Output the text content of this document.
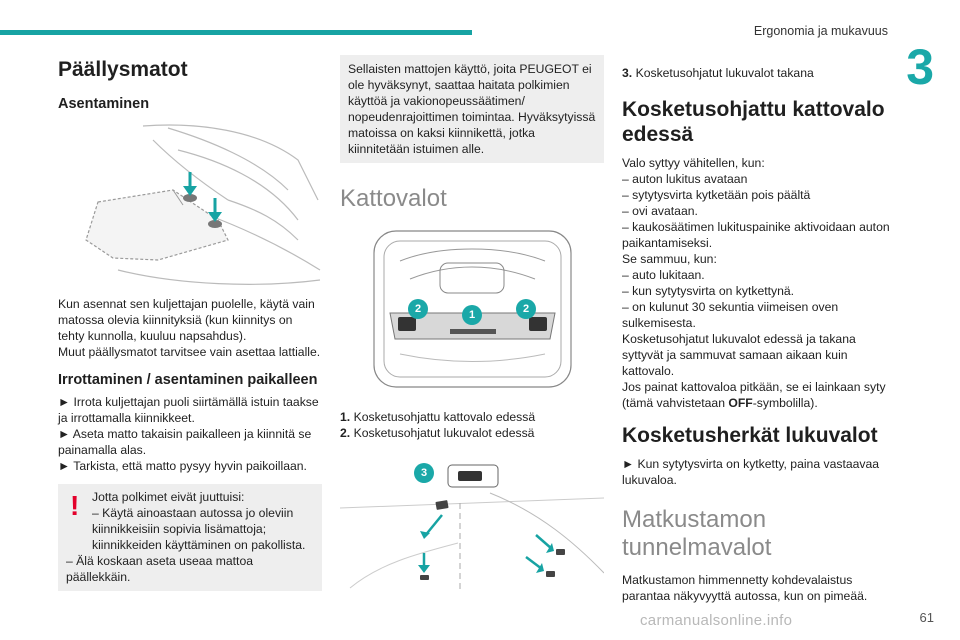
Ergonomia ja mukavuus
3
Päällysmatot
Asentaminen

Kun asennat sen kuljettajan puolelle, käytä vain matossa olevia kiinnityksiä (kun kiinnitys on tehty kunnolla, kuuluu napsahdus).

Muut päällysmatot tarvitsee vain asettaa lattialle.

Irrottaminen / asentaminen paikalleen

► Irrota kuljettajan puoli siirtämällä istuin taakse ja irrottamalla kiinnikkeet.

► Aseta matto takaisin paikalleen ja kiinnitä se painamalla alas.

► Tarkista, että matto pysyy hyvin paikoillaan.

!	Jotta polkimet eivät juuttuisi:

– Käytä ainoastaan autossa jo oleviin kiinnikkeisiin sopivia lisämattoja; kiinnikkeiden käyttäminen on pakollista.

– Älä koskaan aseta useaa mattoa päällekkäin.

Sellaisten mattojen käyttö, joita PEUGEOT ei ole hyväksynyt, saattaa haitata polkimien käyttöä ja vakionopeussäätimen/ nopeudenrajoittimen toimintaa. Hyväksytyissä matoissa on kaksi kiinnikettä, jotka kiinnitetään istuimen alle.

Kattovalot
2	1	2

1. Kosketusohjattu kattovalo edessä

2. Kosketusohjatut lukuvalot edessä

3

3. Kosketusohjatut lukuvalot takana

Kosketusohjattu kattovalo edessä

Valo syttyy vähitellen, kun:

– auton lukitus avataan

– sytytysvirta kytketään pois päältä

– ovi avataan.

– kaukosäätimen lukituspainike aktivoidaan auton paikantamiseksi.

Se sammuu, kun:

– auto lukitaan.

– kun sytytysvirta on kytkettynä.

– on kulunut 30 sekuntia viimeisen oven sulkemisesta.

Kosketusohjatut lukuvalot edessä ja takana syttyvät ja sammuvat samaan aikaan kuin kattovalo.

Jos painat kattovaloa pitkään, se ei lainkaan syty (tämä vahvistetaan OFF-symbolilla).

Kosketusherkät lukuvalot

► Kun sytytysvirta on kytketty, paina vastaavaa lukuvaloa.

Matkustamon tunnelmavalot

Matkustamon himmennetty kohdevalaistus parantaa näkyvyyttä autossa, kun on pimeää.

carmanualsonline.info	61
